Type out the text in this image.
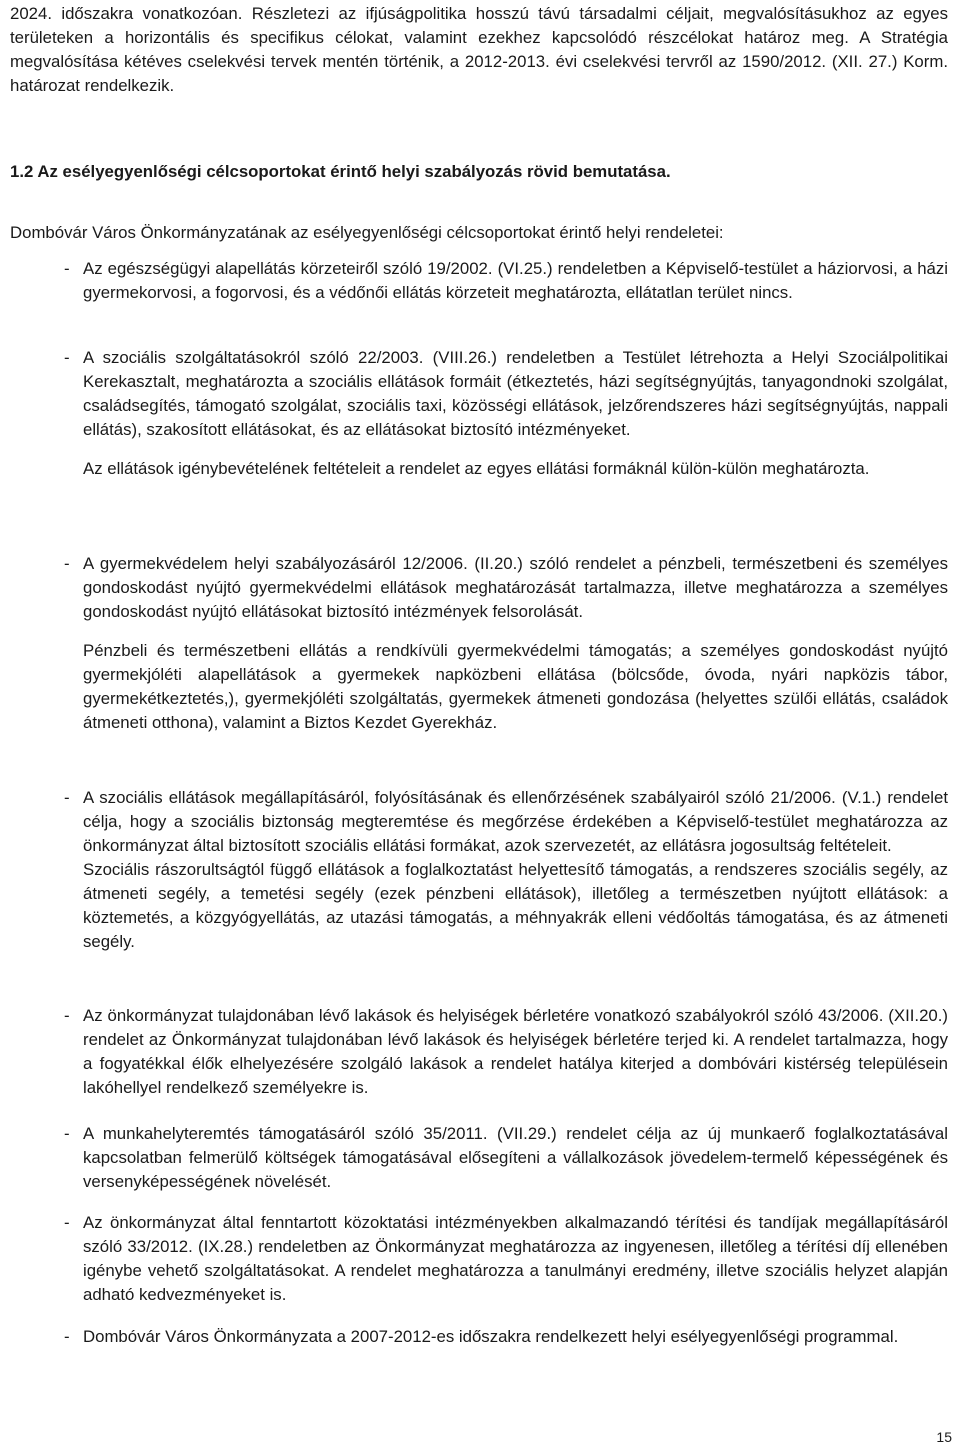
2024. időszakra vonatkozóan. Részletezi az ifjúságpolitika hosszú távú társadalmi céljait, megvalósításukhoz az egyes területeken a horizontális és specifikus célokat, valamint ezekhez kapcsolódó részcélokat határoz meg. A Stratégia megvalósítása kétéves cselekvési tervek mentén történik, a 2012-2013. évi cselekvési tervről az 1590/2012. (XII. 27.) Korm. határozat rendelkezik.

1.2 Az esélyegyenlőségi célcsoportokat érintő helyi szabályozás rövid bemutatása.

Dombóvár Város Önkormányzatának az esélyegyenlőségi célcsoportokat érintő helyi rendeletei:

- Az egészségügyi alapellátás körzeteiről szóló 19/2002. (VI.25.) rendeletben a Képviselő-testület a háziorvosi, a házi gyermekorvosi, a fogorvosi, és a védőnői ellátás körzeteit meghatározta, ellátatlan terület nincs.

- A szociális szolgáltatásokról szóló 22/2003. (VIII.26.) rendeletben a Testület létrehozta a Helyi Szociálpolitikai Kerekasztalt, meghatározta a szociális ellátások formáit (étkeztetés, házi segítségnyújtás, tanyagondnoki szolgálat, családsegítés, támogató szolgálat, szociális taxi, közösségi ellátások, jelzőrendszeres házi segítségnyújtás, nappali ellátás), szakosított ellátásokat, és az ellátásokat biztosító intézményeket.

Az ellátások igénybevételének feltételeit a rendelet az egyes ellátási formáknál külön-külön meghatározta.

- A gyermekvédelem helyi szabályozásáról 12/2006. (II.20.) szóló rendelet a pénzbeli, természetbeni és személyes gondoskodást nyújtó gyermekvédelmi ellátások meghatározását tartalmazza, illetve meghatározza a személyes gondoskodást nyújtó ellátásokat biztosító intézmények felsorolását.

Pénzbeli és természetbeni ellátás a rendkívüli gyermekvédelmi támogatás; a személyes gondoskodást nyújtó gyermekjóléti alapellátások a gyermekek napközbeni ellátása (bölcsőde, óvoda, nyári napközis tábor, gyermekétkeztetés,), gyermekjóléti szolgáltatás, gyermekek átmeneti gondozása (helyettes szülői ellátás, családok átmeneti otthona), valamint a Biztos Kezdet Gyerekház.

- A szociális ellátások megállapításáról, folyósításának és ellenőrzésének szabályairól szóló 21/2006. (V.1.) rendelet célja, hogy a szociális biztonság megteremtése és megőrzése érdekében a Képviselő-testület meghatározza az önkormányzat által biztosított szociális ellátási formákat, azok szervezetét, az ellátásra jogosultság feltételeit.

Szociális rászorultságtól függő ellátások a foglalkoztatást helyettesítő támogatás, a rendszeres szociális segély, az átmeneti segély, a temetési segély (ezek pénzbeni ellátások), illetőleg a természetben nyújtott ellátások: a köztemetés, a közgyógyellátás, az utazási támogatás, a méhnyakrák elleni védőoltás támogatása, és az átmeneti segély.

- Az önkormányzat tulajdonában lévő lakások és helyiségek bérletére vonatkozó szabályokról szóló 43/2006. (XII.20.) rendelet az Önkormányzat tulajdonában lévő lakások és helyiségek bérletére terjed ki. A rendelet tartalmazza, hogy a fogyatékkal élők elhelyezésére szolgáló lakások a rendelet hatálya kiterjed a dombóvári kistérség településein lakóhellyel rendelkező személyekre is.

- A munkahelyteremtés támogatásáról szóló 35/2011. (VII.29.) rendelet célja az új munkaerő foglalkoztatásával kapcsolatban felmerülő költségek támogatásával elősegíteni a vállalkozások jövedelem-termelő képességének és versenyképességének növelését.

- Az önkormányzat által fenntartott közoktatási intézményekben alkalmazandó térítési és tandíjak megállapításáról szóló 33/2012. (IX.28.) rendeletben az Önkormányzat meghatározza az ingyenesen, illetőleg a térítési díj ellenében igénybe vehető szolgáltatásokat. A rendelet meghatározza a tanulmányi eredmény, illetve szociális helyzet alapján adható kedvezményeket is.

- Dombóvár Város Önkormányzata a 2007-2012-es időszakra rendelkezett helyi esélyegyenlőségi programmal.

15
